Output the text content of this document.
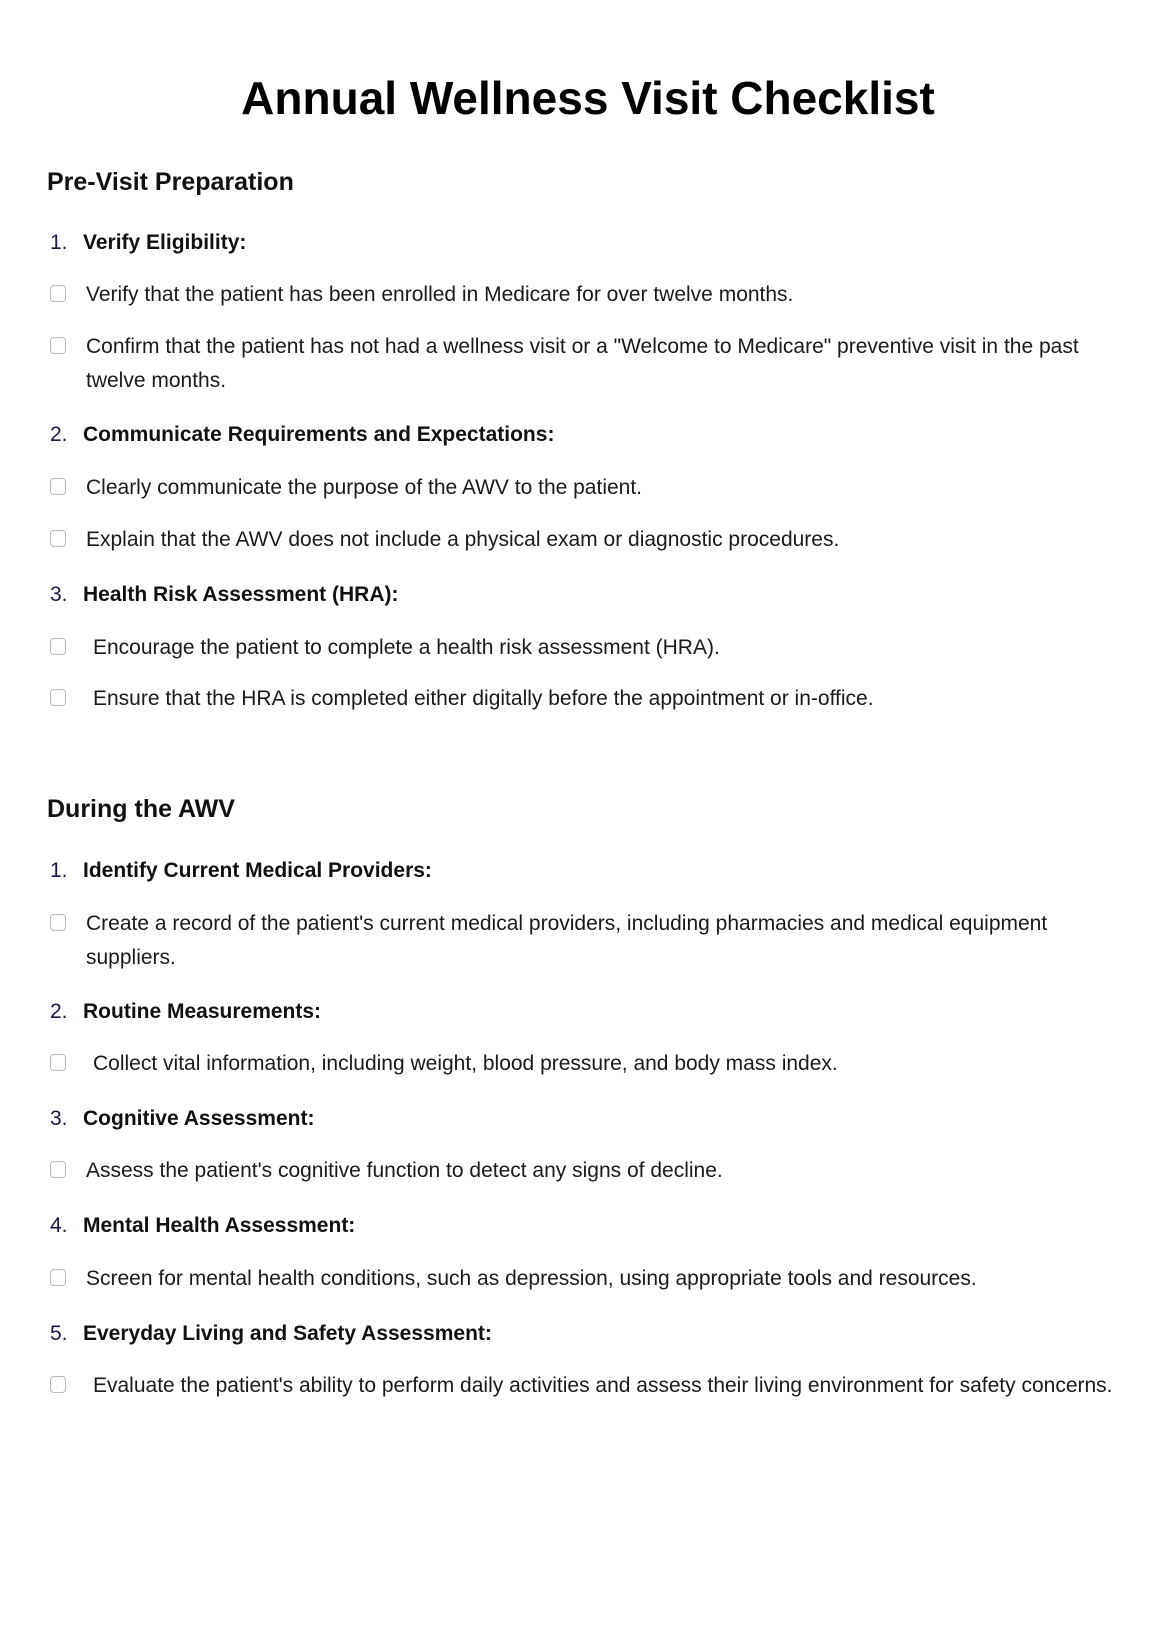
Annual Wellness Visit Checklist
Pre-Visit Preparation
1. Verify Eligibility:
Verify that the patient has been enrolled in Medicare for over twelve months.
Confirm that the patient has not had a wellness visit or a "Welcome to Medicare" preventive visit in the past twelve months.
2. Communicate Requirements and Expectations:
Clearly communicate the purpose of the AWV to the patient.
Explain that the AWV does not include a physical exam or diagnostic procedures.
3. Health Risk Assessment (HRA):
Encourage the patient to complete a health risk assessment (HRA).
Ensure that the HRA is completed either digitally before the appointment or in-office.
During the AWV
1. Identify Current Medical Providers:
Create a record of the patient's current medical providers, including pharmacies and medical equipment suppliers.
2. Routine Measurements:
Collect vital information, including weight, blood pressure, and body mass index.
3. Cognitive Assessment:
Assess the patient's cognitive function to detect any signs of decline.
4. Mental Health Assessment:
Screen for mental health conditions, such as depression, using appropriate tools and resources.
5. Everyday Living and Safety Assessment:
Evaluate the patient's ability to perform daily activities and assess their living environment for safety concerns.
